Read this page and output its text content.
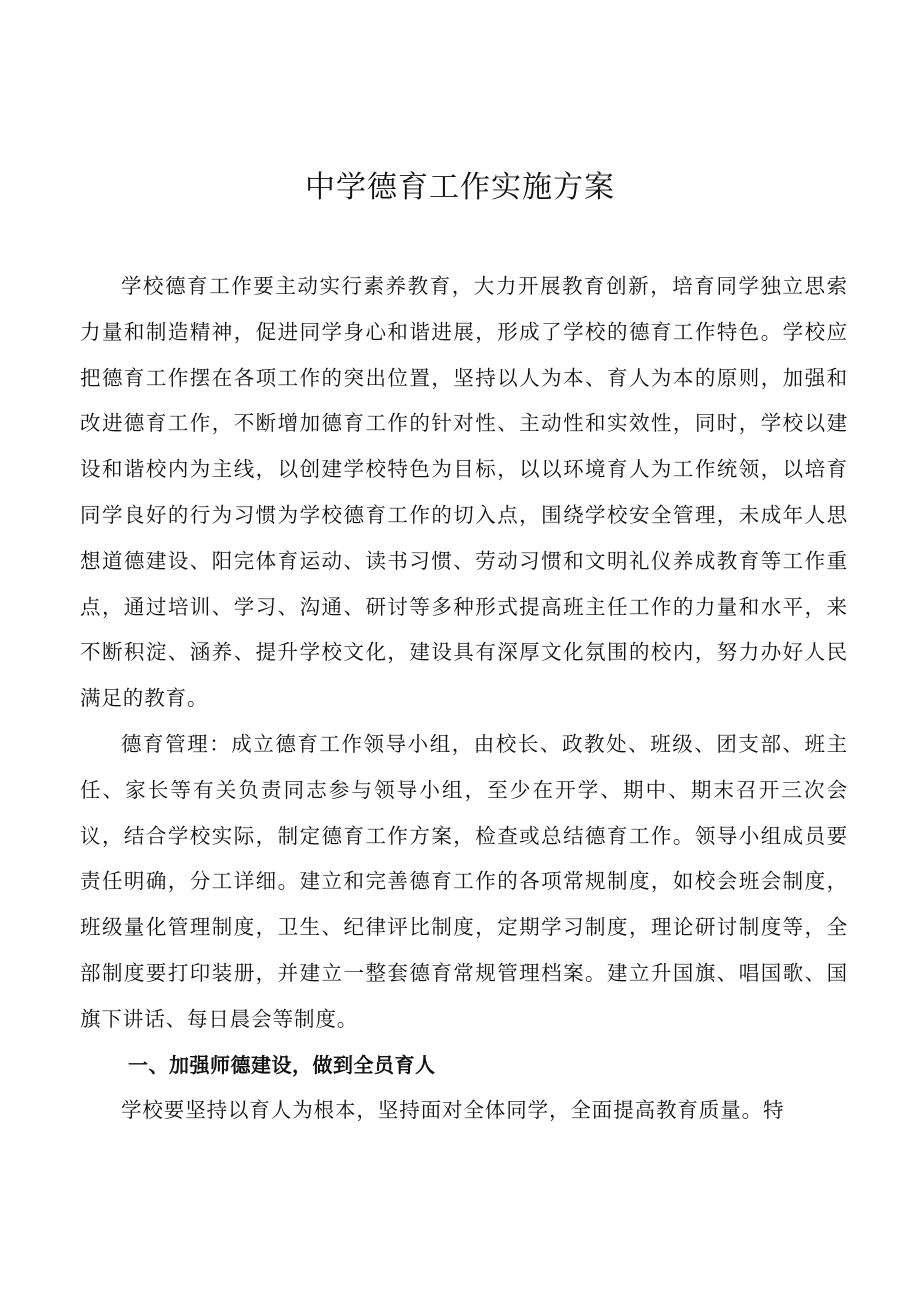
中学德育工作实施方案

学校德育工作要主动实行素养教育，大力开展教育创新，培育同学独立思索力量和制造精神，促进同学身心和谐进展，形成了学校的德育工作特色。学校应把德育工作摆在各项工作的突出位置，坚持以人为本、育人为本的原则，加强和改进德育工作，不断增加德育工作的针对性、主动性和实效性，同时，学校以建设和谐校内为主线，以创建学校特色为目标，以以环境育人为工作统领，以培育同学良好的行为习惯为学校德育工作的切入点，围绕学校安全管理，未成年人思想道德建设、阳完体育运动、读书习惯、劳动习惯和文明礼仪养成教育等工作重点，通过培训、学习、沟通、研讨等多种形式提高班主任工作的力量和水平，来不断积淀、涵养、提升学校文化，建设具有深厚文化氛围的校内，努力办好人民满足的教育。

德育管理：成立德育工作领导小组，由校长、政教处、班级、团支部、班主任、家长等有关负责同志参与领导小组，至少在开学、期中、期末召开三次会议，结合学校实际，制定德育工作方案，检查或总结德育工作。领导小组成员要责任明确，分工详细。建立和完善德育工作的各项常规制度，如校会班会制度，班级量化管理制度，卫生、纪律评比制度，定期学习制度，理论研讨制度等，全部制度要打印装册，并建立一整套德育常规管理档案。建立升国旗、唱国歌、国旗下讲话、每日晨会等制度。

一、加强师德建设，做到全员育人

学校要坚持以育人为根本，坚持面对全体同学，全面提高教育质量。特
